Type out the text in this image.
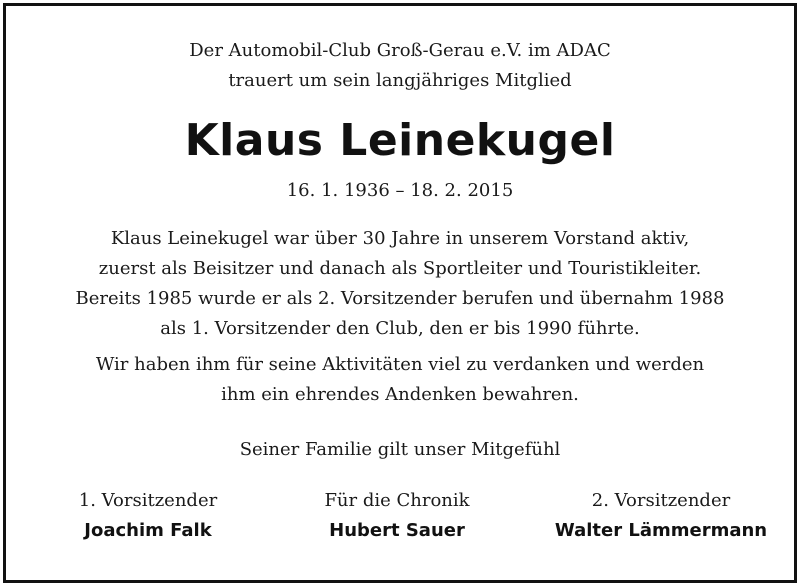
Der Automobil-Club Groß-Gerau e.V. im ADAC
trauert um sein langjähriges Mitglied
Klaus Leinekugel
16. 1. 1936 – 18. 2. 2015
Klaus Leinekugel war über 30 Jahre in unserem Vorstand aktiv,
zuerst als Beisitzer und danach als Sportleiter und Touristikleiter.
Bereits 1985 wurde er als 2. Vorsitzender berufen und übernahm 1988
als 1. Vorsitzender den Club, den er bis 1990 führte.
Wir haben ihm für seine Aktivitäten viel zu verdanken und werden
ihm ein ehrendes Andenken bewahren.
Seiner Familie gilt unser Mitgefühl
1. Vorsitzender
Joachim Falk
Für die Chronik
Hubert Sauer
2. Vorsitzender
Walter Lämmermann
